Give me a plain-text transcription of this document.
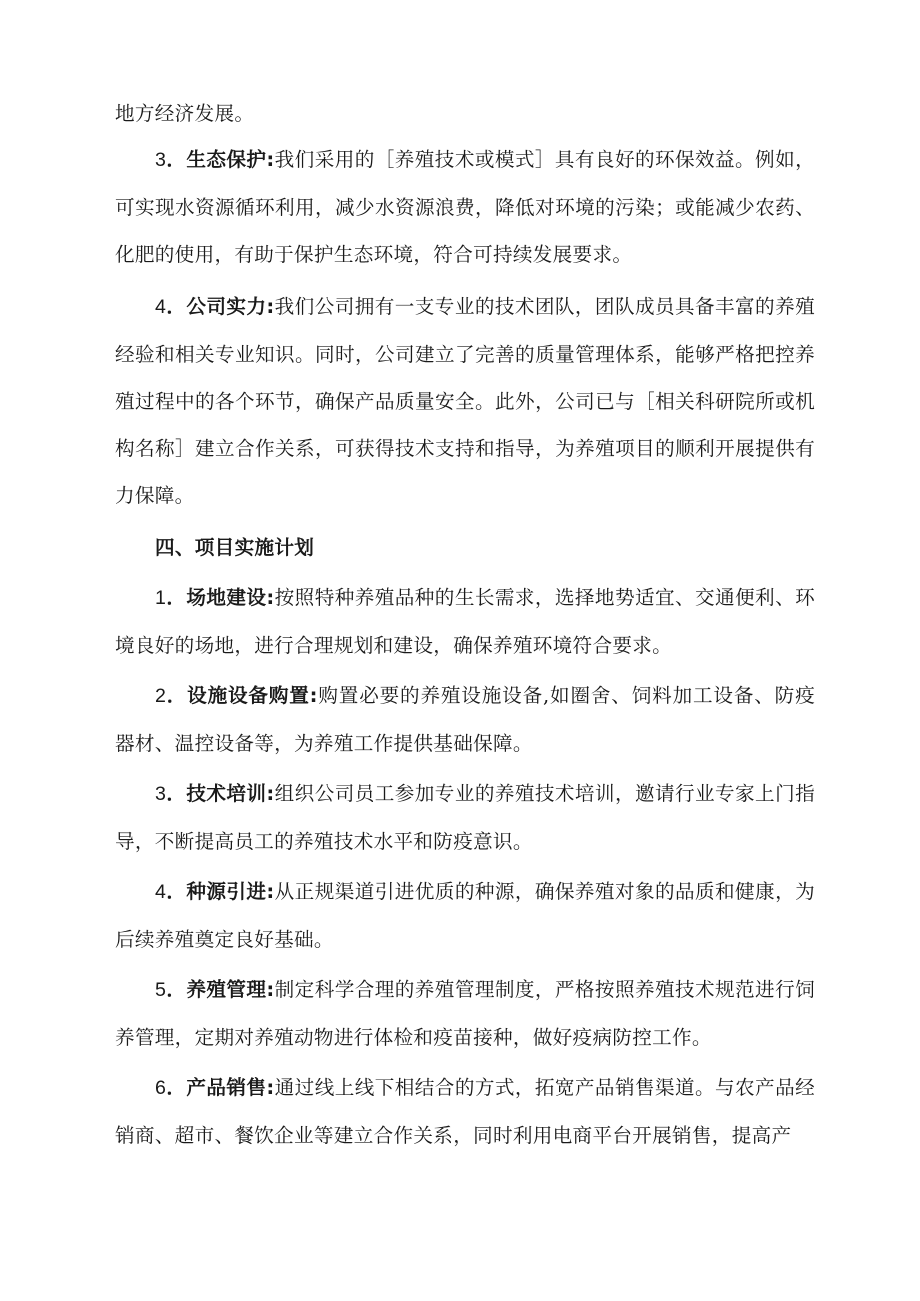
地方经济发展。

3．生态保护:我们采用的［养殖技术或模式］具有良好的环保效益。例如，可实现水资源循环利用，减少水资源浪费，降低对环境的污染；或能减少农药、化肥的使用，有助于保护生态环境，符合可持续发展要求。

4．公司实力:我们公司拥有一支专业的技术团队，团队成员具备丰富的养殖经验和相关专业知识。同时，公司建立了完善的质量管理体系，能够严格把控养殖过程中的各个环节，确保产品质量安全。此外，公司已与［相关科研院所或机构名称］建立合作关系，可获得技术支持和指导，为养殖项目的顺利开展提供有力保障。

四、项目实施计划

1．场地建设:按照特种养殖品种的生长需求，选择地势适宜、交通便利、环境良好的场地，进行合理规划和建设，确保养殖环境符合要求。

2．设施设备购置:购置必要的养殖设施设备,如圈舍、饲料加工设备、防疫器材、温控设备等，为养殖工作提供基础保障。

3．技术培训:组织公司员工参加专业的养殖技术培训，邀请行业专家上门指导，不断提高员工的养殖技术水平和防疫意识。

4．种源引进:从正规渠道引进优质的种源，确保养殖对象的品质和健康，为后续养殖奠定良好基础。

5．养殖管理:制定科学合理的养殖管理制度，严格按照养殖技术规范进行饲养管理，定期对养殖动物进行体检和疫苗接种，做好疫病防控工作。

6．产品销售:通过线上线下相结合的方式，拓宽产品销售渠道。与农产品经销商、超市、餐饮企业等建立合作关系，同时利用电商平台开展销售，提高产
